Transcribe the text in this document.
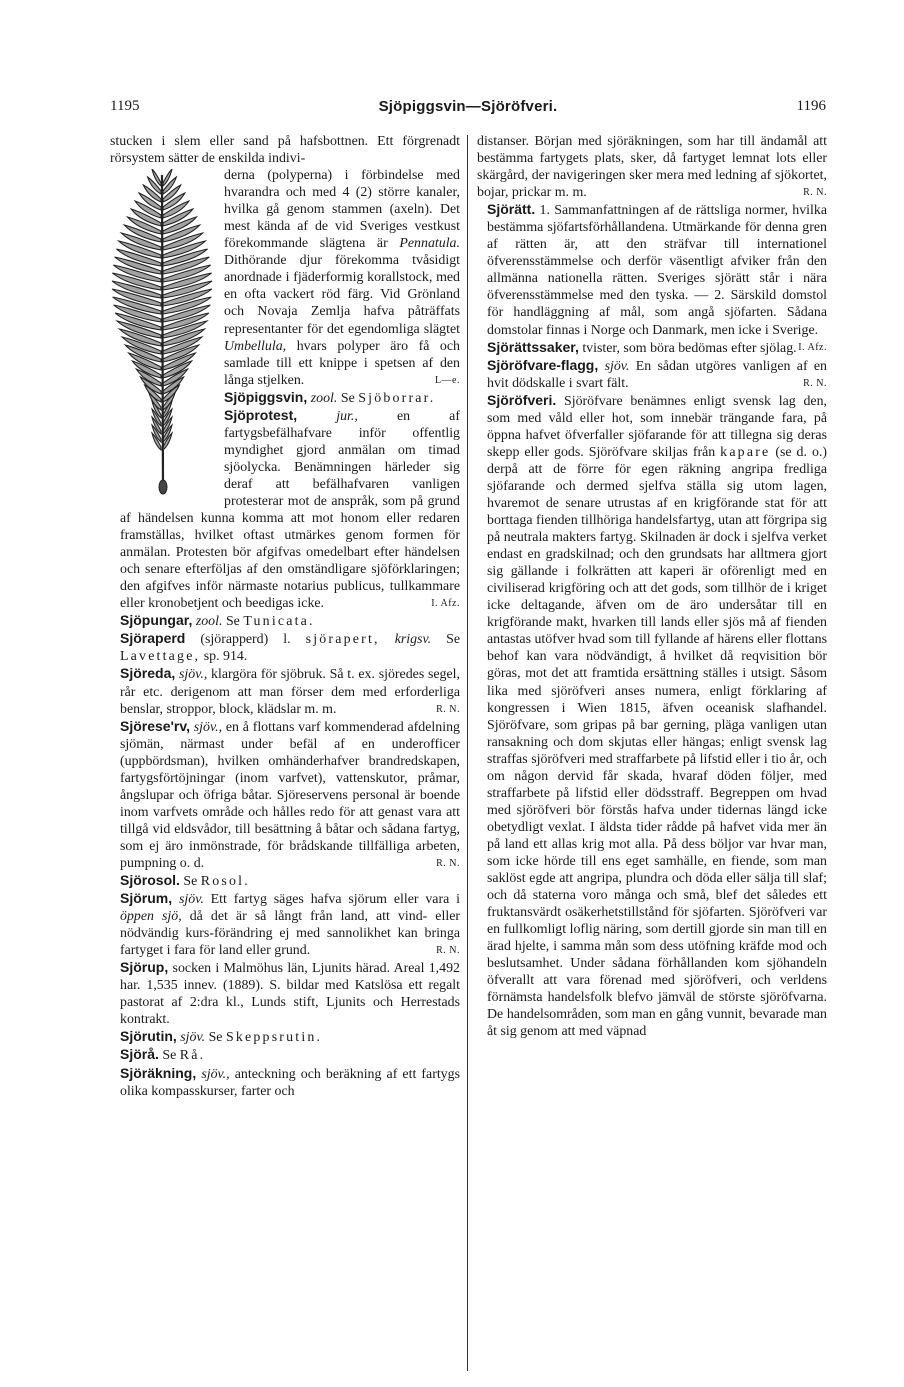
1195	Sjöpiggsvin—Sjöröfveri.	1196

stucken i slem eller sand på hafsbottnen. Ett förgrenadt rörsystem sätter de enskilda indivi-

derna (polyperna) i förbindelse med hvarandra och med 4 (2) större kanaler, hvilka gå genom stammen (axeln). Det mest kända af de vid Sveriges vestkust förekommande slägtena är Pennatula. Dithörande djur förekomma tvåsidigt anordnade i fjäderformig korallstock, med en ofta vackert röd färg. Vid Grönland och Novaja Zemlja hafva påträffats representanter för det egendomliga slägtet Umbellula, hvars polyper äro få och samlade till ett knippe i spetsen af den långa stjelken.	L—e.

Sjöpiggsvin, zool. Se Sjöborrar.

Sjöprotest,	jur.,	en af fartygsbefälhafvare inför offentlig myndighet gjord anmälan om timad sjöolycka. Benämningen härleder sig deraf att befälhafvaren vanligen protesterar mot de anspråk, som på grund af händelsen kunna komma att mot honom eller redaren framställas, hvilket oftast utmärkes genom formen för anmälan. Protesten bör afgifvas omedelbart efter händelsen och senare efterföljas af den omständligare sjöförklaringen; den afgifves inför närmaste notarius publicus, tullkammare eller kronobetjent och beedigas icke.	I. Afz.

Sjöpungar, zool. Se Tunicata.

Sjöraperd (sjörapperd) l. sjörapert, krigsv. Se Lavettage, sp. 914.

Sjöreda, sjöv., klargöra för sjöbruk. Så t. ex. sjöredes segel, rår etc. derigenom att man förser dem med erforderliga benslar, stroppor, block, klädslar m. m.	R. N.

Sjörese'rv, sjöv., en å flottans varf kommenderad afdelning sjömän, närmast under befäl af en underofficer (uppbördsman), hvilken omhänderhafver brandredskapen, fartygsförtöjningar (inom varfvet), vattenskutor, pråmar, ångslupar och öfriga båtar. Sjöreservens personal är boende inom varfvets område och hålles redo för att genast vara att tillgå vid eldsvådor, till besättning å båtar och sådana fartyg, som ej äro inmönstrade, för brådskande tillfälliga arbeten, pumpning o. d.	R. N.

Sjörosol. Se Rosol.

Sjörum, sjöv. Ett fartyg säges hafva sjörum eller vara i öppen sjö, då det är så långt från land, att vind- eller nödvändig kurs-förändring ej med sannolikhet kan bringa fartyget i fara för land eller grund.	R. N.

Sjörup, socken i Malmöhus län, Ljunits härad. Areal 1,492 har. 1,535 innev. (1889). S. bildar med Katslösa ett regalt pastorat af 2:dra kl., Lunds stift, Ljunits och Herrestads kontrakt.

Sjörutin, sjöv. Se Skeppsrutin.

Sjörå. Se Rå.

Sjöräkning, sjöv., anteckning och beräkning af ett fartygs olika kompasskurser, farter och

distanser. Början med sjöräkningen, som har till ändamål att bestämma fartygets plats, sker, då fartyget lemnat lots eller skärgård, der navigeringen sker mera med ledning af sjökortet, bojar, prickar m. m.	R. N.

Sjörätt. 1. Sammanfattningen af de rättsliga normer, hvilka bestämma sjöfartsförhållandena. Utmärkande för denna gren af rätten är, att den sträfvar till internationel öfverensstämmelse och derför väsentligt afviker från den allmänna nationella rätten. Sveriges sjörätt står i nära öfverensstämmelse med den tyska. — 2. Särskild domstol för handläggning af mål, som angå sjöfarten. Sådana domstolar finnas i Norge och Danmark, men icke i Sverige.
I. Afz.

Sjörättssaker, tvister, som böra bedömas efter sjölag.

Sjöröfvare-flagg, sjöv. En sådan utgöres vanligen af en hvit dödskalle i svart fält.	R. N.

Sjöröfveri. Sjöröfvare benämnes enligt svensk lag den, som med våld eller hot, som innebär trängande fara, på öppna hafvet öfverfaller sjöfarande för att tillegna sig deras skepp eller gods. Sjöröfvare skiljas från kapare (se d. o.) derpå att de förre för egen räkning angripa fredliga sjöfarande och dermed sjelfva ställa sig utom lagen, hvaremot de senare utrustas af en krigförande stat för att borttaga fienden tillhöriga handelsfartyg, utan att förgripa sig på neutrala makters fartyg. Skilnaden är dock i sjelfva verket endast en gradskilnad; och den grundsats har alltmera gjort sig gällande i folkrätten att kaperi är oförenligt med en civiliserad krigföring och att det gods, som tillhör de i kriget icke deltagande, äfven om de äro undersåtar till en krigförande makt, hvarken till lands eller sjös må af fienden antastas utöfver hvad som till fyllande af härens eller flottans behof kan vara nödvändigt, å hvilket då reqvisition bör göras, mot det att framtida ersättning ställes i utsigt. Såsom lika med sjöröfveri anses numera, enligt förklaring af kongressen i Wien 1815, äfven oceanisk slafhandel. Sjöröfvare, som gripas på bar gerning, pläga vanligen utan ransakning och dom skjutas eller hängas; enligt svensk lag straffas sjöröfveri med straffarbete på lifstid eller i tio år, och om någon dervid får skada, hvaraf döden följer, med straffarbete på lifstid eller dödsstraff. Begreppen om hvad med sjöröfveri bör förstås hafva under tidernas längd icke obetydligt vexlat. I äldsta tider rådde på hafvet vida mer än på land ett allas krig mot alla. På dess böljor var hvar man, som icke hörde till ens eget samhälle, en fiende, som man saklöst egde att angripa, plundra och döda eller sälja till slaf; och då staterna voro många och små, blef det således ett fruktansvärdt osäkerhetstillstånd för sjöfarten. Sjöröfveri var en fullkomligt loflig näring, som dertill gjorde sin man till en ärad hjelte, i samma mån som dess utöfning kräfde mod och beslutsamhet. Under sådana förhållanden kom sjöhandeln öfverallt att vara förenad med sjöröfveri, och verldens förnämsta handelsfolk blefvo jämväl de störste sjöröfvarna. De handelsområden, som man en gång vunnit, bevarade man åt sig genom att med väpnad
